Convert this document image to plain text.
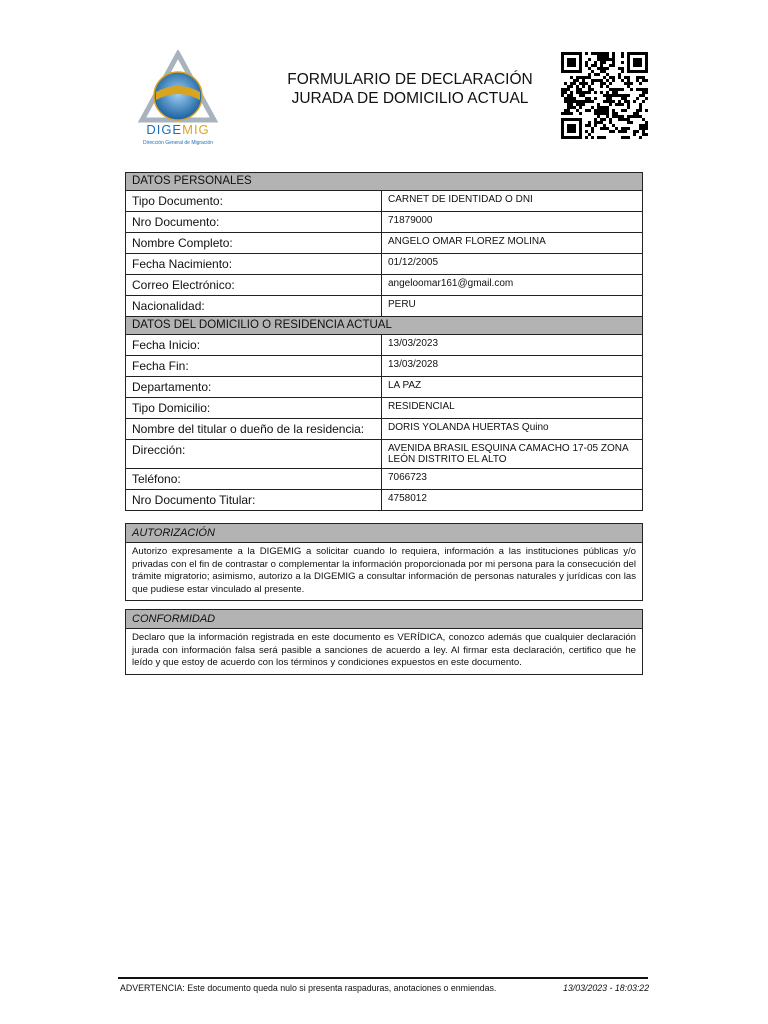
DIGEMIG
Dirección General de Migración
FORMULARIO DE DECLARACIÓN
JURADA DE DOMICILIO ACTUAL
DATOS PERSONALES	
Tipo Documento:	CARNET DE IDENTIDAD O DNI
Nro Documento:	71879000
Nombre Completo:	ANGELO OMAR FLOREZ MOLINA
Fecha Nacimiento:	01/12/2005
Correo Electrónico:	angeloomar161@gmail.com
Nacionalidad:	PERU
DATOS DEL DOMICILIO O RESIDENCIA ACTUAL	
Fecha Inicio:	13/03/2023
Fecha Fin:	13/03/2028
Departamento:	LA PAZ
Tipo Domicilio:	RESIDENCIAL
Nombre del titular o dueño de la residencia:	DORIS YOLANDA HUERTAS Quino
Dirección:	AVENIDA BRASIL ESQUINA CAMACHO 17-05 ZONA LEÓN DISTRITO EL ALTO
Teléfono:	7066723
Nro Documento Titular:	4758012
AUTORIZACIÓN
Autorizo expresamente a la DIGEMIG a solicitar cuando lo requiera, información a las instituciones públicas y/o privadas con el fin de contrastar o complementar la información proporcionada por mi persona para la consecución del trámite migratorio; asimismo, autorizo a la DIGEMIG a consultar información de personas naturales y jurídicas con las que pudiese estar vinculado al presente.
CONFORMIDAD
Declaro que la información registrada en este documento es VERÍDICA, conozco además que cualquier declaración jurada con información falsa será pasible a sanciones de acuerdo a ley. Al firmar esta declaración, certifico que he leído y que estoy de acuerdo con los términos y condiciones expuestos en este documento.
ADVERTENCIA: Este documento queda nulo si presenta raspaduras, anotaciones o enmiendas.	13/03/2023 - 18:03:22
